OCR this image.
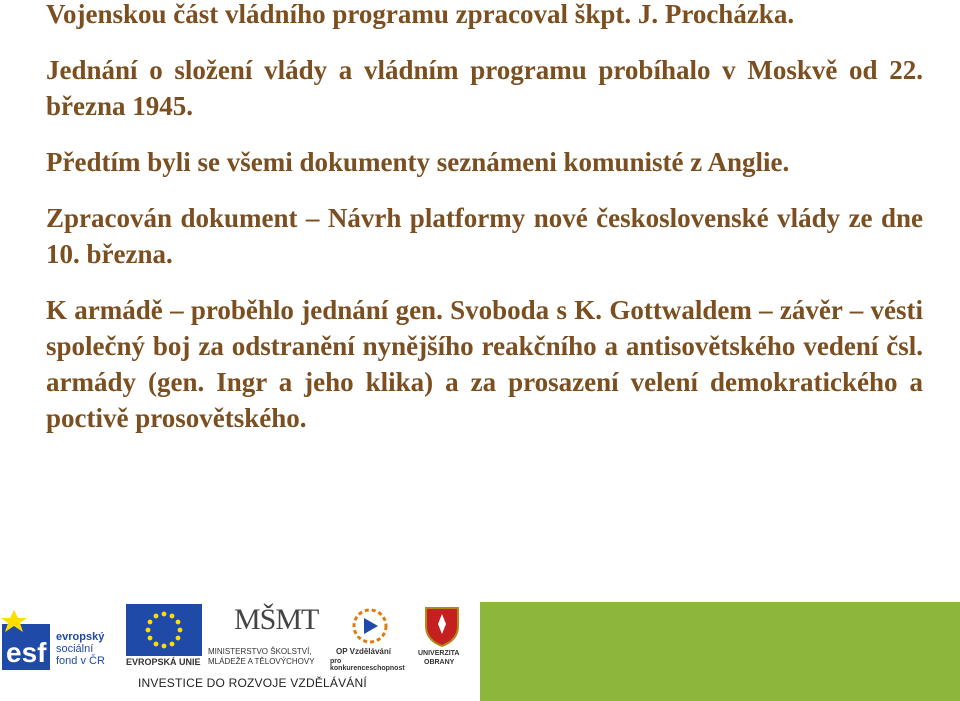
Vojenskou část vládního programu zpracoval škpt. J. Procházka.

Jednání o složení vlády a vládním programu probíhalo v Moskvě od 22. března 1945.

Předtím byli se všemi dokumenty seznámeni komunisté z Anglie.

Zpracován dokument – Návrh platformy nové československé vlády ze dne 10. března.

K armádě – proběhlo jednání gen. Svoboda s K. Gottwaldem – závěr – vésti společný boj za odstranění nynějšího reakčního a antisovětského vedení čsl. armády (gen. Ingr a jeho klika) a za prosazení velení demokratického a poctivě prosovětského.

esf evropský
sociální
fond v ČR EVROPSKÁ UNIE
MŠMT
MINISTERSTVO ŠKOLSTVÍ,
MLÁDEŽE A TĚLOVÝCHOVY
OP Vzdělávání
pro konkurenceschopnost
UNIVERZITA
OBRANY
INVESTICE DO ROZVOJE VZDĚLÁVÁNÍ
